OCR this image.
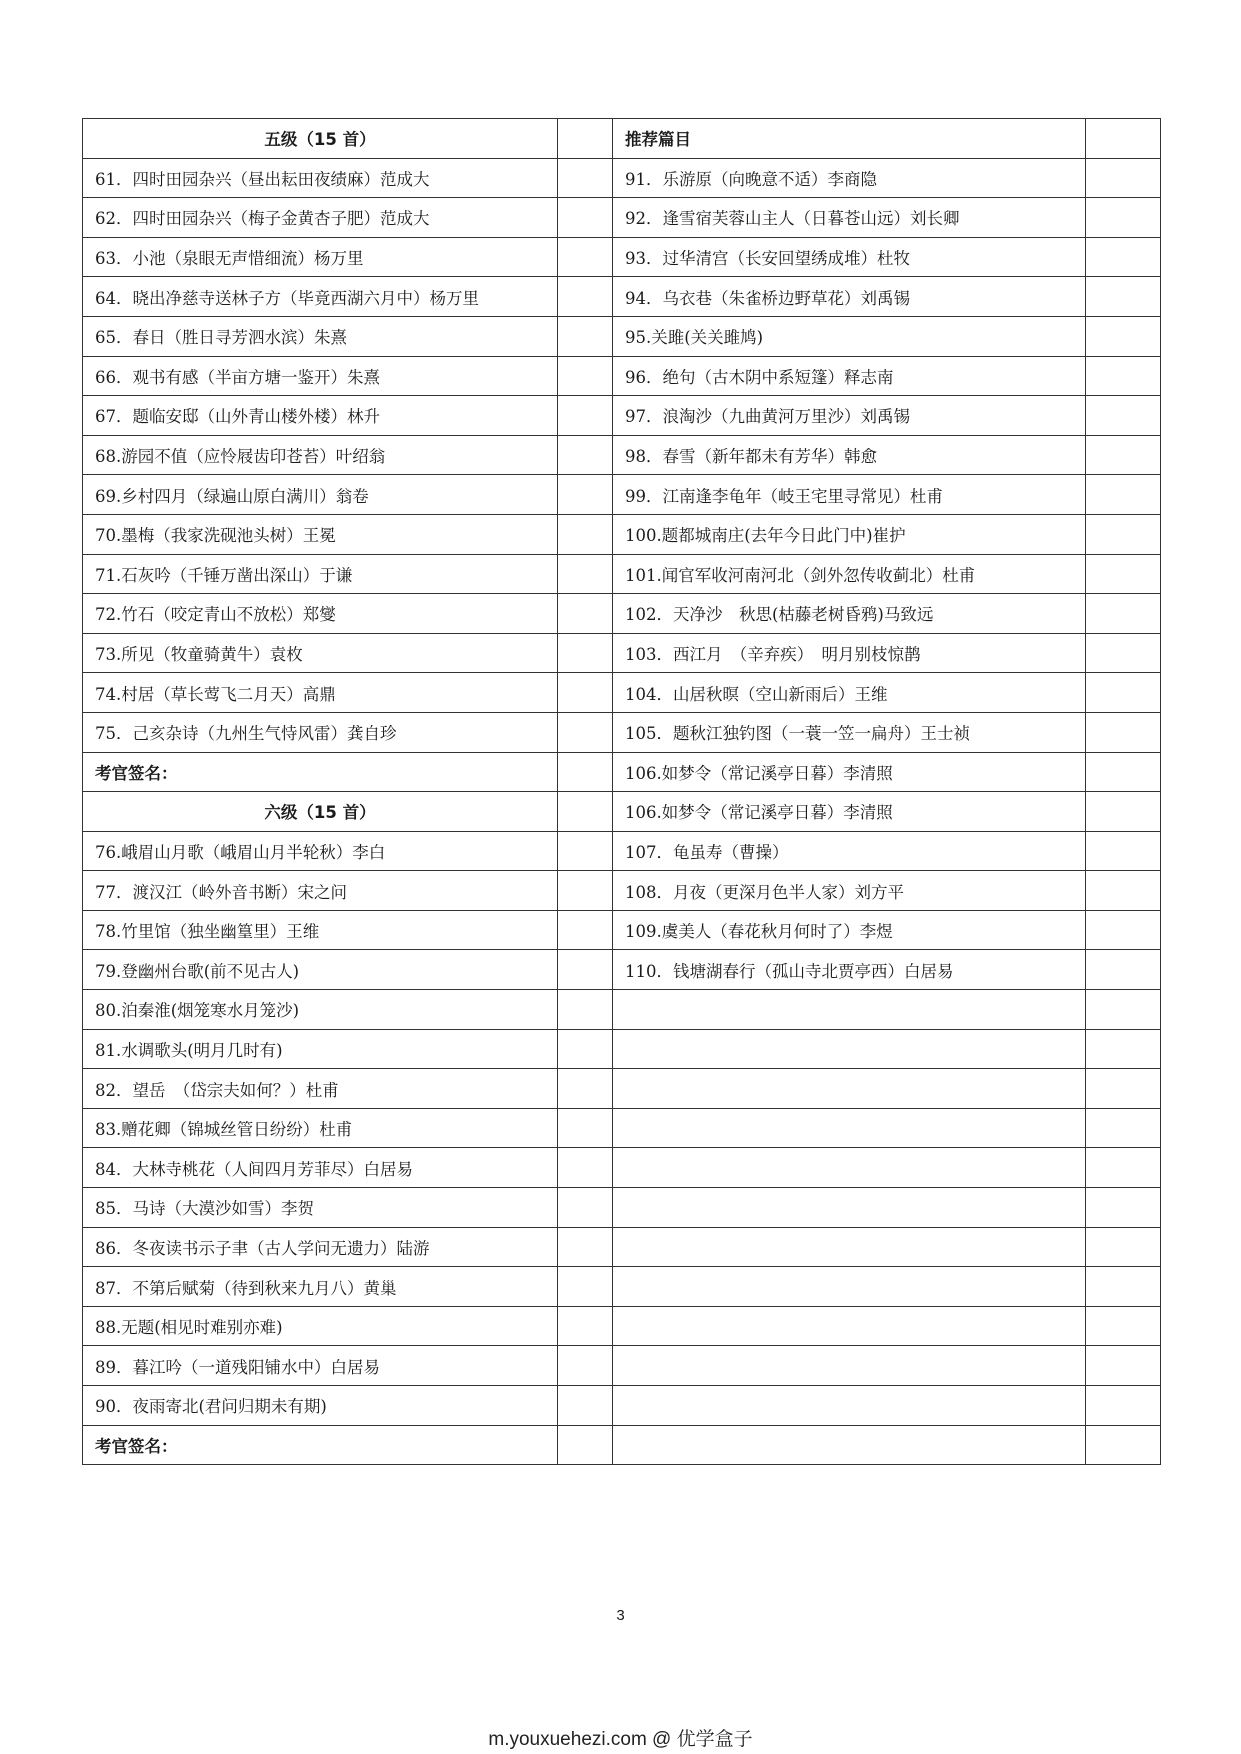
五级（15 首）		推荐篇目	
61．四时田园杂兴（昼出耘田夜绩麻）范成大		91．乐游原（向晚意不适）李商隐	
62．四时田园杂兴（梅子金黄杏子肥）范成大		92．逢雪宿芙蓉山主人（日暮苍山远）刘长卿	
63．小池（泉眼无声惜细流）杨万里		93．过华清宫（长安回望绣成堆）杜牧	
64．晓出净慈寺送林子方（毕竟西湖六月中）杨万里		94．乌衣巷（朱雀桥边野草花）刘禹锡	
65．春日（胜日寻芳泗水滨）朱熹		95.关雎(关关雎鸠)	
66．观书有感（半亩方塘一鉴开）朱熹		96．绝句（古木阴中系短篷）释志南	
67．题临安邸（山外青山楼外楼）林升		97．浪淘沙（九曲黄河万里沙）刘禹锡	
68.游园不值（应怜屐齿印苍苔）叶绍翁		98．春雪（新年都未有芳华）韩愈	
69.乡村四月（绿遍山原白满川）翁卷		99．江南逢李龟年（岐王宅里寻常见）杜甫	
70.墨梅（我家洗砚池头树）王冕		100.题都城南庄(去年今日此门中)崔护	
71.石灰吟（千锤万凿出深山）于谦		101.闻官军收河南河北（剑外忽传收蓟北）杜甫	
72.竹石（咬定青山不放松）郑燮		102．天净沙　秋思(枯藤老树昏鸦)马致远	
73.所见（牧童骑黄牛）袁枚		103．西江月　（辛弃疾）　明月别枝惊鹊	
74.村居（草长莺飞二月天）高鼎		104．山居秋暝（空山新雨后）王维	
75．己亥杂诗（九州生气恃风雷）龚自珍		105．题秋江独钓图（一蓑一笠一扁舟）王士祯	
考官签名：		106.如梦令（常记溪亭日暮）李清照	
六级（15 首）		106.如梦令（常记溪亭日暮）李清照	
76.峨眉山月歌（峨眉山月半轮秋）李白		107．龟虽寿（曹操）	
77．渡汉江（岭外音书断）宋之问		108．月夜（更深月色半人家）刘方平	
78.竹里馆（独坐幽篁里）王维		109.虞美人（春花秋月何时了）李煜	
79.登幽州台歌(前不见古人)		110．钱塘湖春行（孤山寺北贾亭西）白居易	
80.泊秦淮(烟笼寒水月笼沙)			
81.水调歌头(明月几时有)			
82．望岳　（岱宗夫如何？）杜甫			
83.赠花卿（锦城丝管日纷纷）杜甫			
84．大林寺桃花（人间四月芳菲尽）白居易			
85．马诗（大漠沙如雪）李贺			
86．冬夜读书示子聿（古人学问无遗力）陆游			
87．不第后赋菊（待到秋来九月八）黄巢			
88.无题(相见时难别亦难)			
89．暮江吟（一道残阳铺水中）白居易			
90．夜雨寄北(君问归期未有期)			
考官签名：			
3
m.youxuehezi.com @ 优学盒子
